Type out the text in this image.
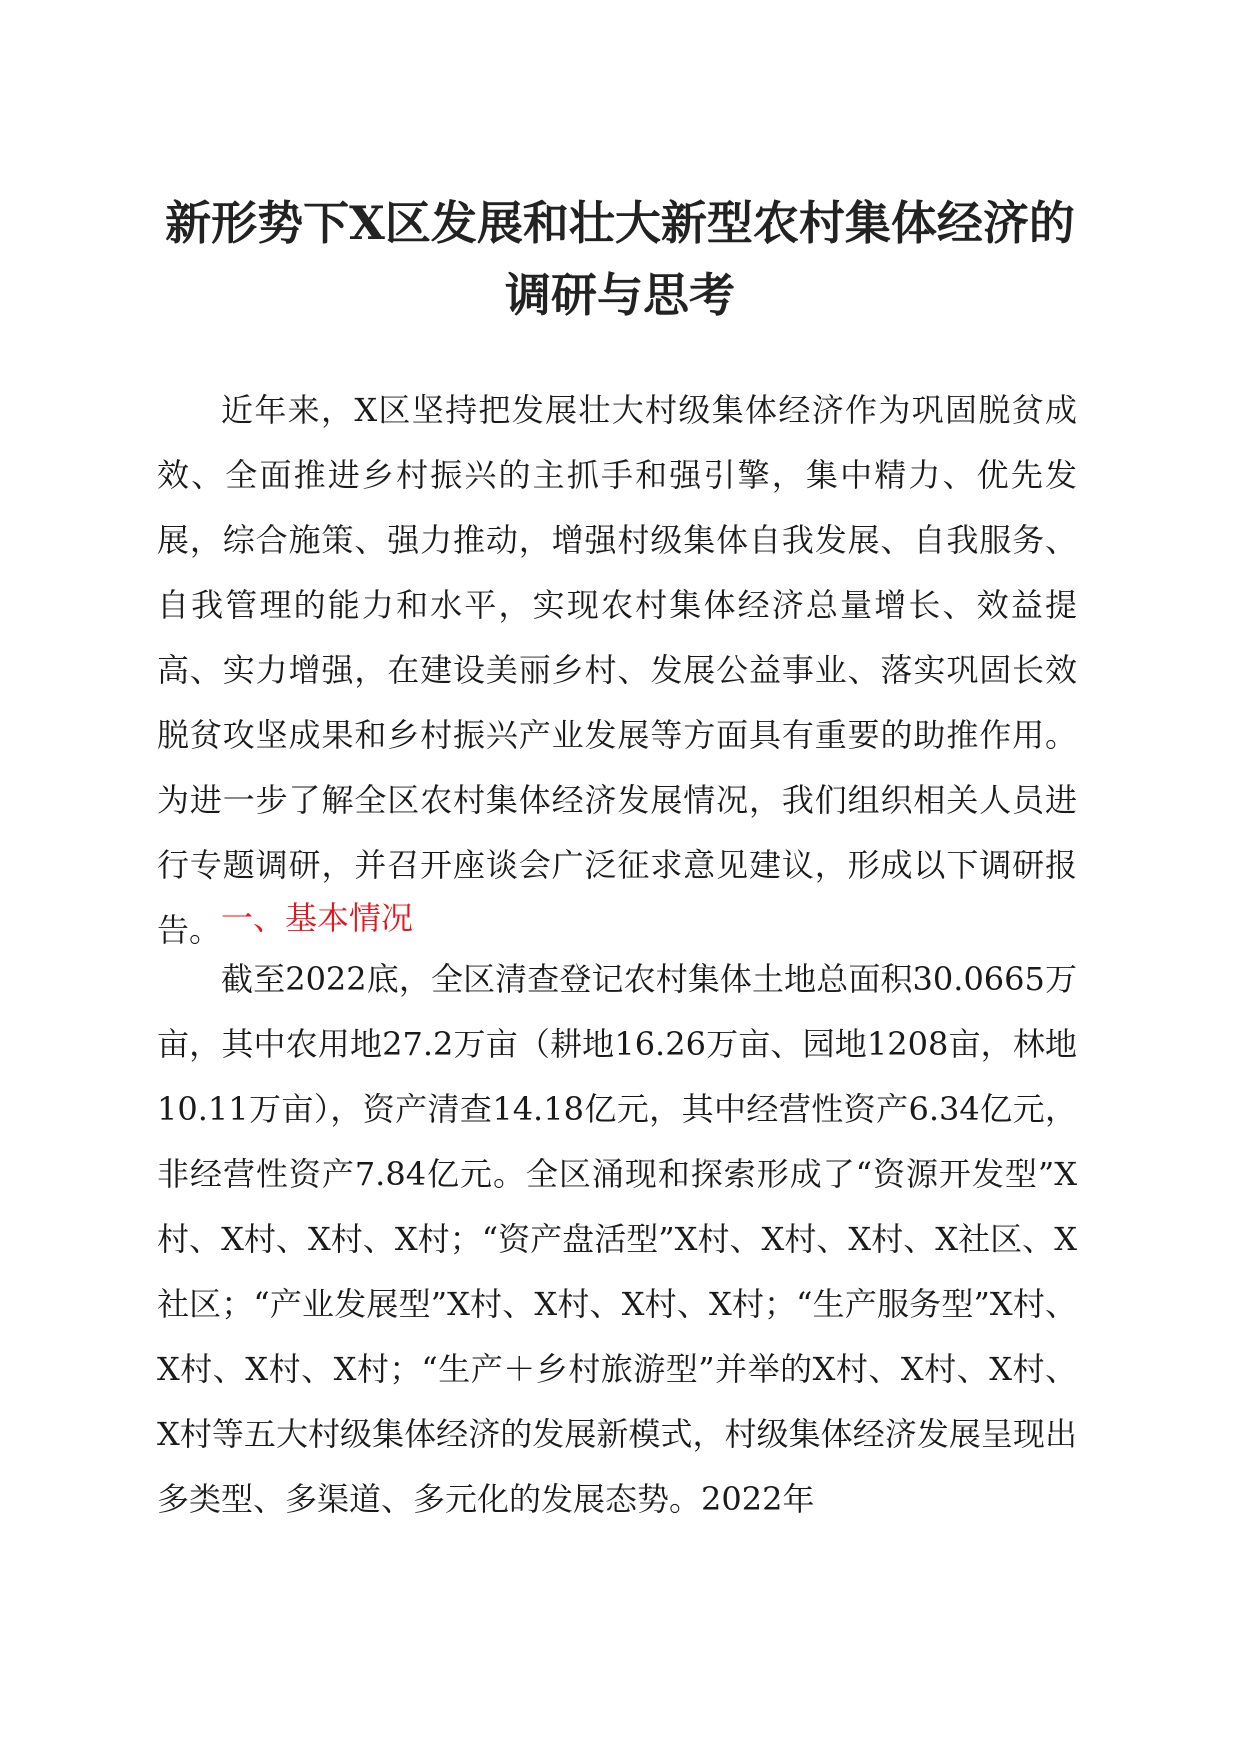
新形势下X区发展和壮大新型农村集体经济的
调研与思考

近年来，X区坚持把发展壮大村级集体经济作为巩固脱贫成效、全面推进乡村振兴的主抓手和强引擎，集中精力、优先发展，综合施策、强力推动，增强村级集体自我发展、自我服务、自我管理的能力和水平，实现农村集体经济总量增长、效益提高、实力增强，在建设美丽乡村、发展公益事业、落实巩固长效脱贫攻坚成果和乡村振兴产业发展等方面具有重要的助推作用。为进一步了解全区农村集体经济发展情况，我们组织相关人员进行专题调研，并召开座谈会广泛征求意见建议，形成以下调研报告。 一、基本情况

截至2022底，全区清查登记农村集体土地总面积30.0665万亩，其中农用地27.2万亩（耕地16.26万亩、园地1208亩，林地10.11万亩），资产清查14.18亿元，其中经营性资产6.34亿元，非经营性资产7.84亿元。全区涌现和探索形成了“资源开发型”X村、X村、X村、X村；“资产盘活型”X村、X村、X村、X社区、X社区；“产业发展型”X村、X村、X村、X村；“生产服务型”X村、X村、X村、X村；“生产＋乡村旅游型”并举的X村、X村、X村、X村等五大村级集体经济的发展新模式，村级集体经济发展呈现出多类型、多渠道、多元化的发展态势。2022年
